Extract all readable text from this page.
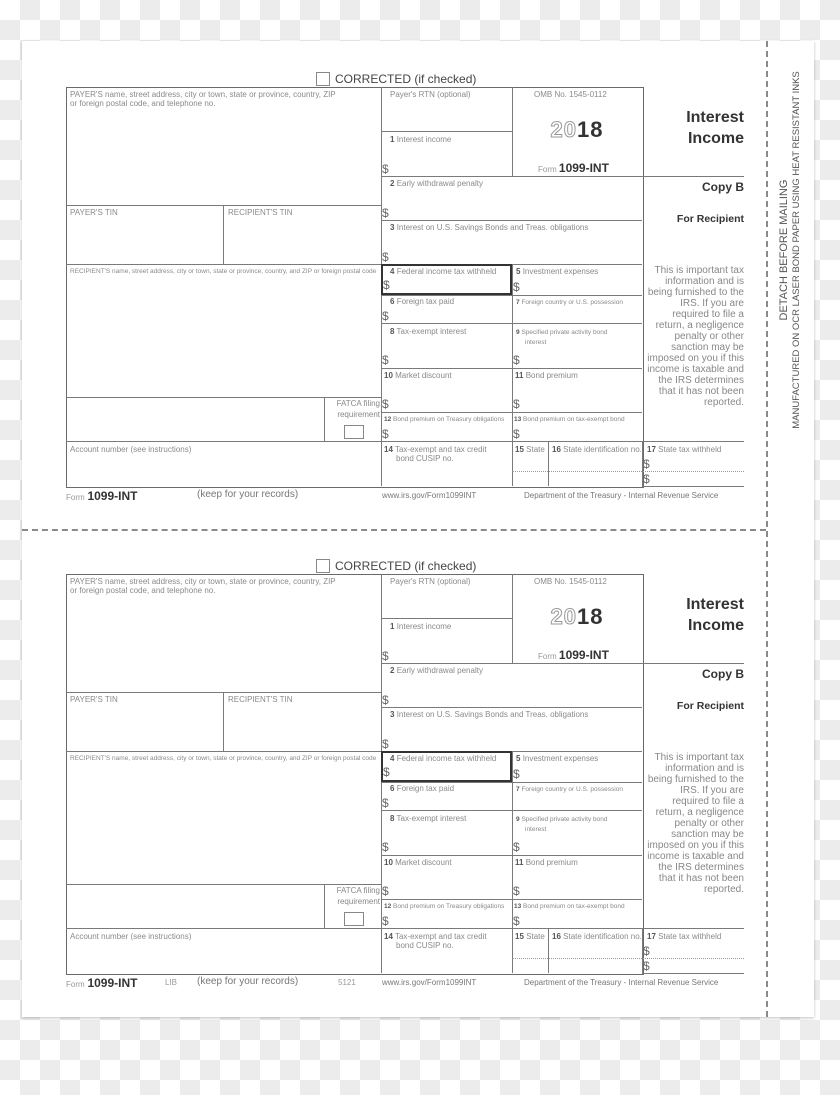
DETACH BEFORE MAILING MANUFACTURED ON OCR LASER BOND PAPER USING HEAT RESISTANT INKS
CORRECTED (if checked)
PAYER'S name, street address, city or town, state or province, country, ZIP
or foreign postal code, and telephone no.
PAYER'S TIN	RECIPIENT'S TIN
RECIPIENT'S name, street address, city or town, state or province, country, and ZIP or foreign postal code
FATCA filing requirement
Account number (see instructions)
Payer's RTN (optional)	OMB No. 1545-0112
2018
Form 1099-INT
Interest
Income
Copy B
For Recipient
This is important tax information and is being furnished to the IRS. If you are required to file a return, a negligence penalty or other sanction may be imposed on you if this income is taxable and the IRS determines that it has not been reported.
1 Interest income
$
2 Early withdrawal penalty
$
3 Interest on U.S. Savings Bonds and Treas. obligations
$
4 Federal income tax withheld
$
5 Investment expenses
$
6 Foreign tax paid
$
7 Foreign country or U.S. possession
8 Tax-exempt interest
$
9 Specified private activity bond
interest
$
10 Market discount
$
11 Bond premium
$
12 Bond premium on Treasury obligations
$
13 Bond premium on tax-exempt bond
$
14 Tax-exempt and tax credit
bond CUSIP no.
15 State 16 State identification no. 17 State tax withheld
$
$
Form 1099-INT	(keep for your records)	www.irs.gov/Form1099INT	Department of the Treasury - Internal Revenue Service
CORRECTED (if checked)
PAYER'S name, street address, city or town, state or province, country, ZIP
or foreign postal code, and telephone no.
PAYER'S TIN	RECIPIENT'S TIN
RECIPIENT'S name, street address, city or town, state or province, country, and ZIP or foreign postal code
FATCA filing requirement
Account number (see instructions)
Payer's RTN (optional)	OMB No. 1545-0112
2018
Form 1099-INT
Interest
Income
Copy B
For Recipient
This is important tax information and is being furnished to the IRS. If you are required to file a return, a negligence penalty or other sanction may be imposed on you if this income is taxable and the IRS determines that it has not been reported.
1 Interest income
$
2 Early withdrawal penalty
$
3 Interest on U.S. Savings Bonds and Treas. obligations
$
4 Federal income tax withheld
$
5 Investment expenses
$
6 Foreign tax paid
$
7 Foreign country or U.S. possession
8 Tax-exempt interest
$
9 Specified private activity bond
interest
$
10 Market discount
$
11 Bond premium
$
12 Bond premium on Treasury obligations
$
13 Bond premium on tax-exempt bond
$
14 Tax-exempt and tax credit
bond CUSIP no.
15 State 16 State identification no. 17 State tax withheld
$
$
Form 1099-INT	LIB (keep for your records)	5121	www.irs.gov/Form1099INT	Department of the Treasury - Internal Revenue Service
